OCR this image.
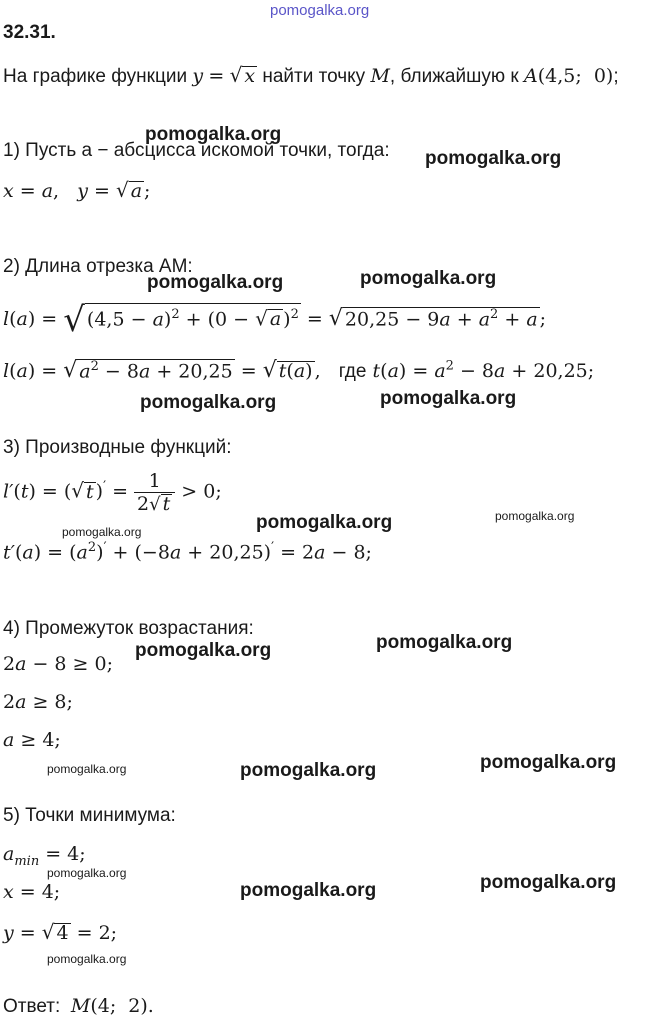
pomogalka.org
pomogalka.org
pomogalka.org
pomogalka.org	pomogalka.org
pomogalka.org	pomogalka.org
pomogalka.org	pomogalka.org	pomogalka.org
pomogalka.org	pomogalka.org
pomogalka.org	pomogalka.org	pomogalka.org
pomogalka.org
pomogalka.org	pomogalka.org
pomogalka.org
32.31.
На графике функции y = √ x найти точку M, ближайшую к A(4,5;  0);
1) Пусть a − абсцисса искомой точки, тогда:
x = a,   y = √ a ;
2) Длина отрезка AM:
l(a) = √ $(4,5 - a)^2 + (0$ − √ a )$^2$ = √ $20,25 - 9a + a^2 + a$ ;
l(a) = √ $a^2 - 8a + 20,25$ = √ t(a) ,   где $t(a) = a^2 - 8a + 20,25$;
3) Производные функций:
l′(t) = (√ t )$' = \frac{1}{2√ t} > 0$;
$t'(a) = (a^2)' + (-8a + 20,25)' = 2a - 8$;
4) Промежуток возрастания:
2a − 8 ≥ 0;
2a ≥ 8;
a ≥ 4;
5) Точки минимума:
$a_{min} = 4$;
x = 4;
y = √ 4 = 2;
Ответ: M(4;  2).
